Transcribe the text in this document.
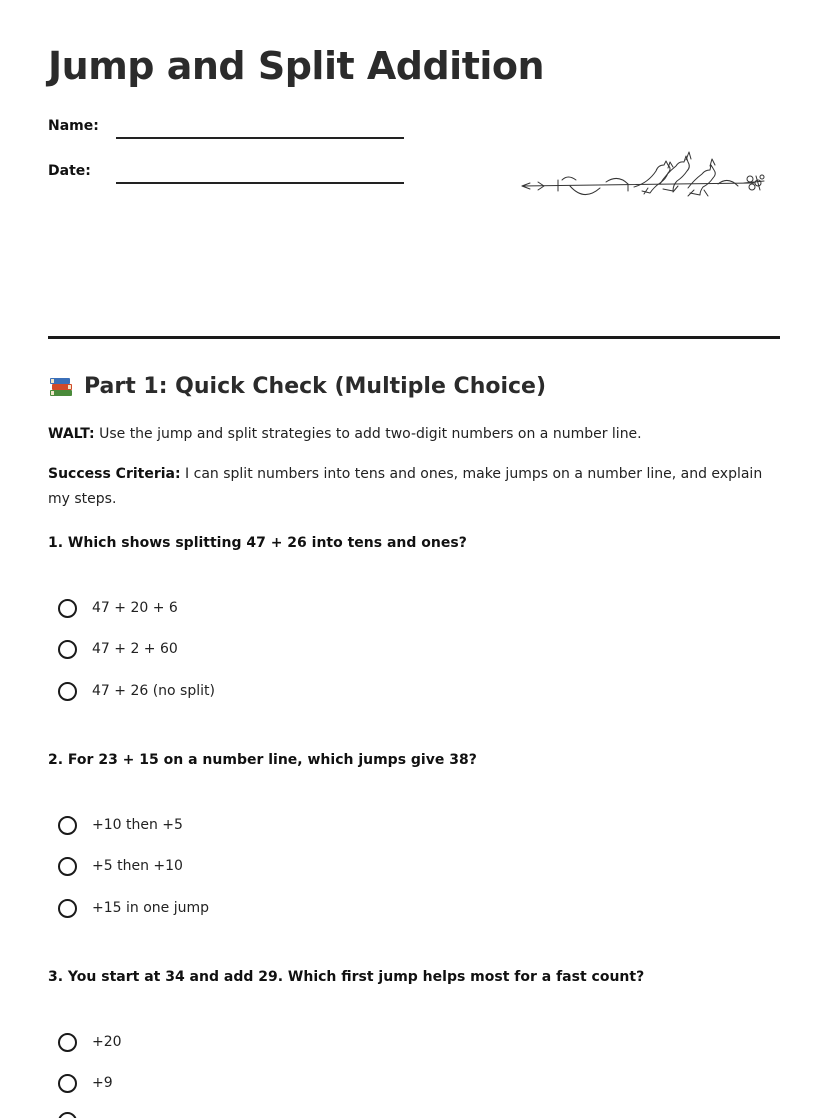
Jump and Split Addition
Name:
Date:
Part 1: Quick Check (Multiple Choice)

WALT: Use the jump and split strategies to add two-digit numbers on a number line.

Success Criteria: I can split numbers into tens and ones, make jumps on a number line, and explain my steps.

1. Which shows splitting 47 + 26 into tens and ones?

47 + 20 + 6
47 + 2 + 60
47 + 26 (no split)

2. For 23 + 15 on a number line, which jumps give 38?

+10 then +5
+5 then +10
+15 in one jump

3. You start at 34 and add 29. Which first jump helps most for a fast count?

+20
+9
